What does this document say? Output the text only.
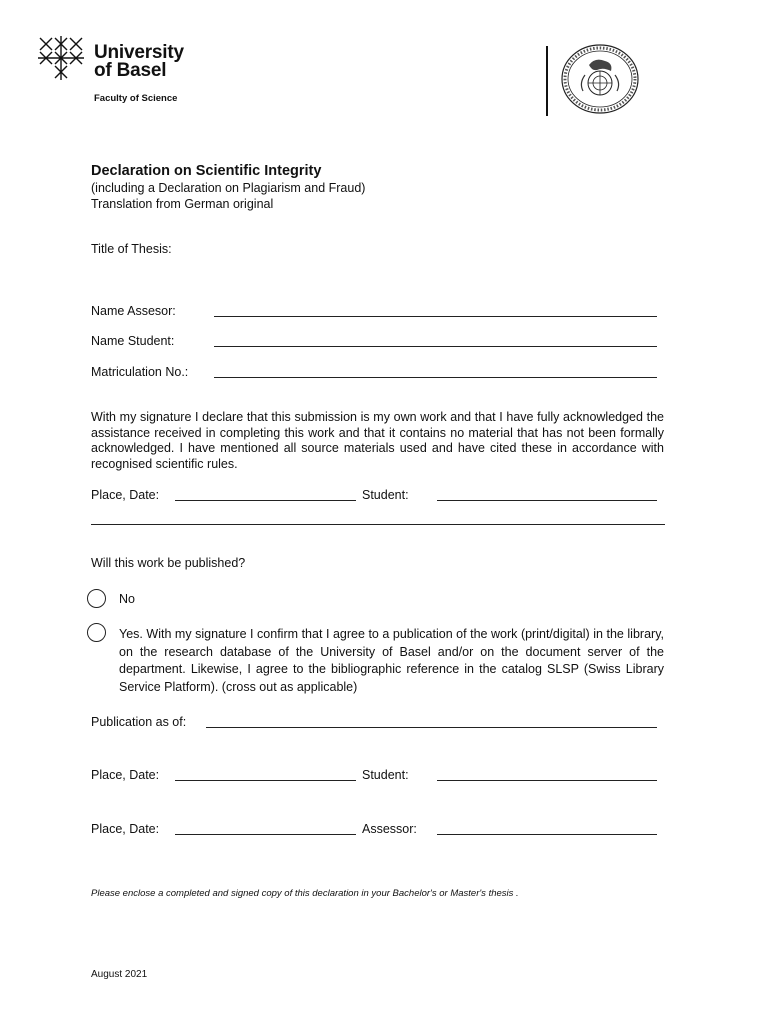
University
of Basel
Faculty of Science
Declaration on Scientific Integrity
(including a Declaration on Plagiarism and Fraud)
Translation from German original
Title of Thesis:
Name Assesor:
Name Student:
Matriculation No.:
With my signature I declare that this submission is my own work and that I have fully acknowledged the assistance received in completing this work and that it contains no material that has not been formally acknowledged. I have mentioned all source materials used and have cited these in accordance with recognised scientific rules.
Place, Date:	Student:
Will this work be published?
No
Yes. With my signature I confirm that I agree to a publication of the work (print/digital) in the library, on the research database of the University of Basel and/or on the document server of the department. Likewise, I agree to the bibliographic reference in the catalog SLSP (Swiss Library Service Platform). (cross out as applicable)
Publication as of:
Place, Date:	Student:
Place, Date:	Assessor:
Please enclose a completed and signed copy of this declaration in your Bachelor's or Master's thesis .
August 2021
